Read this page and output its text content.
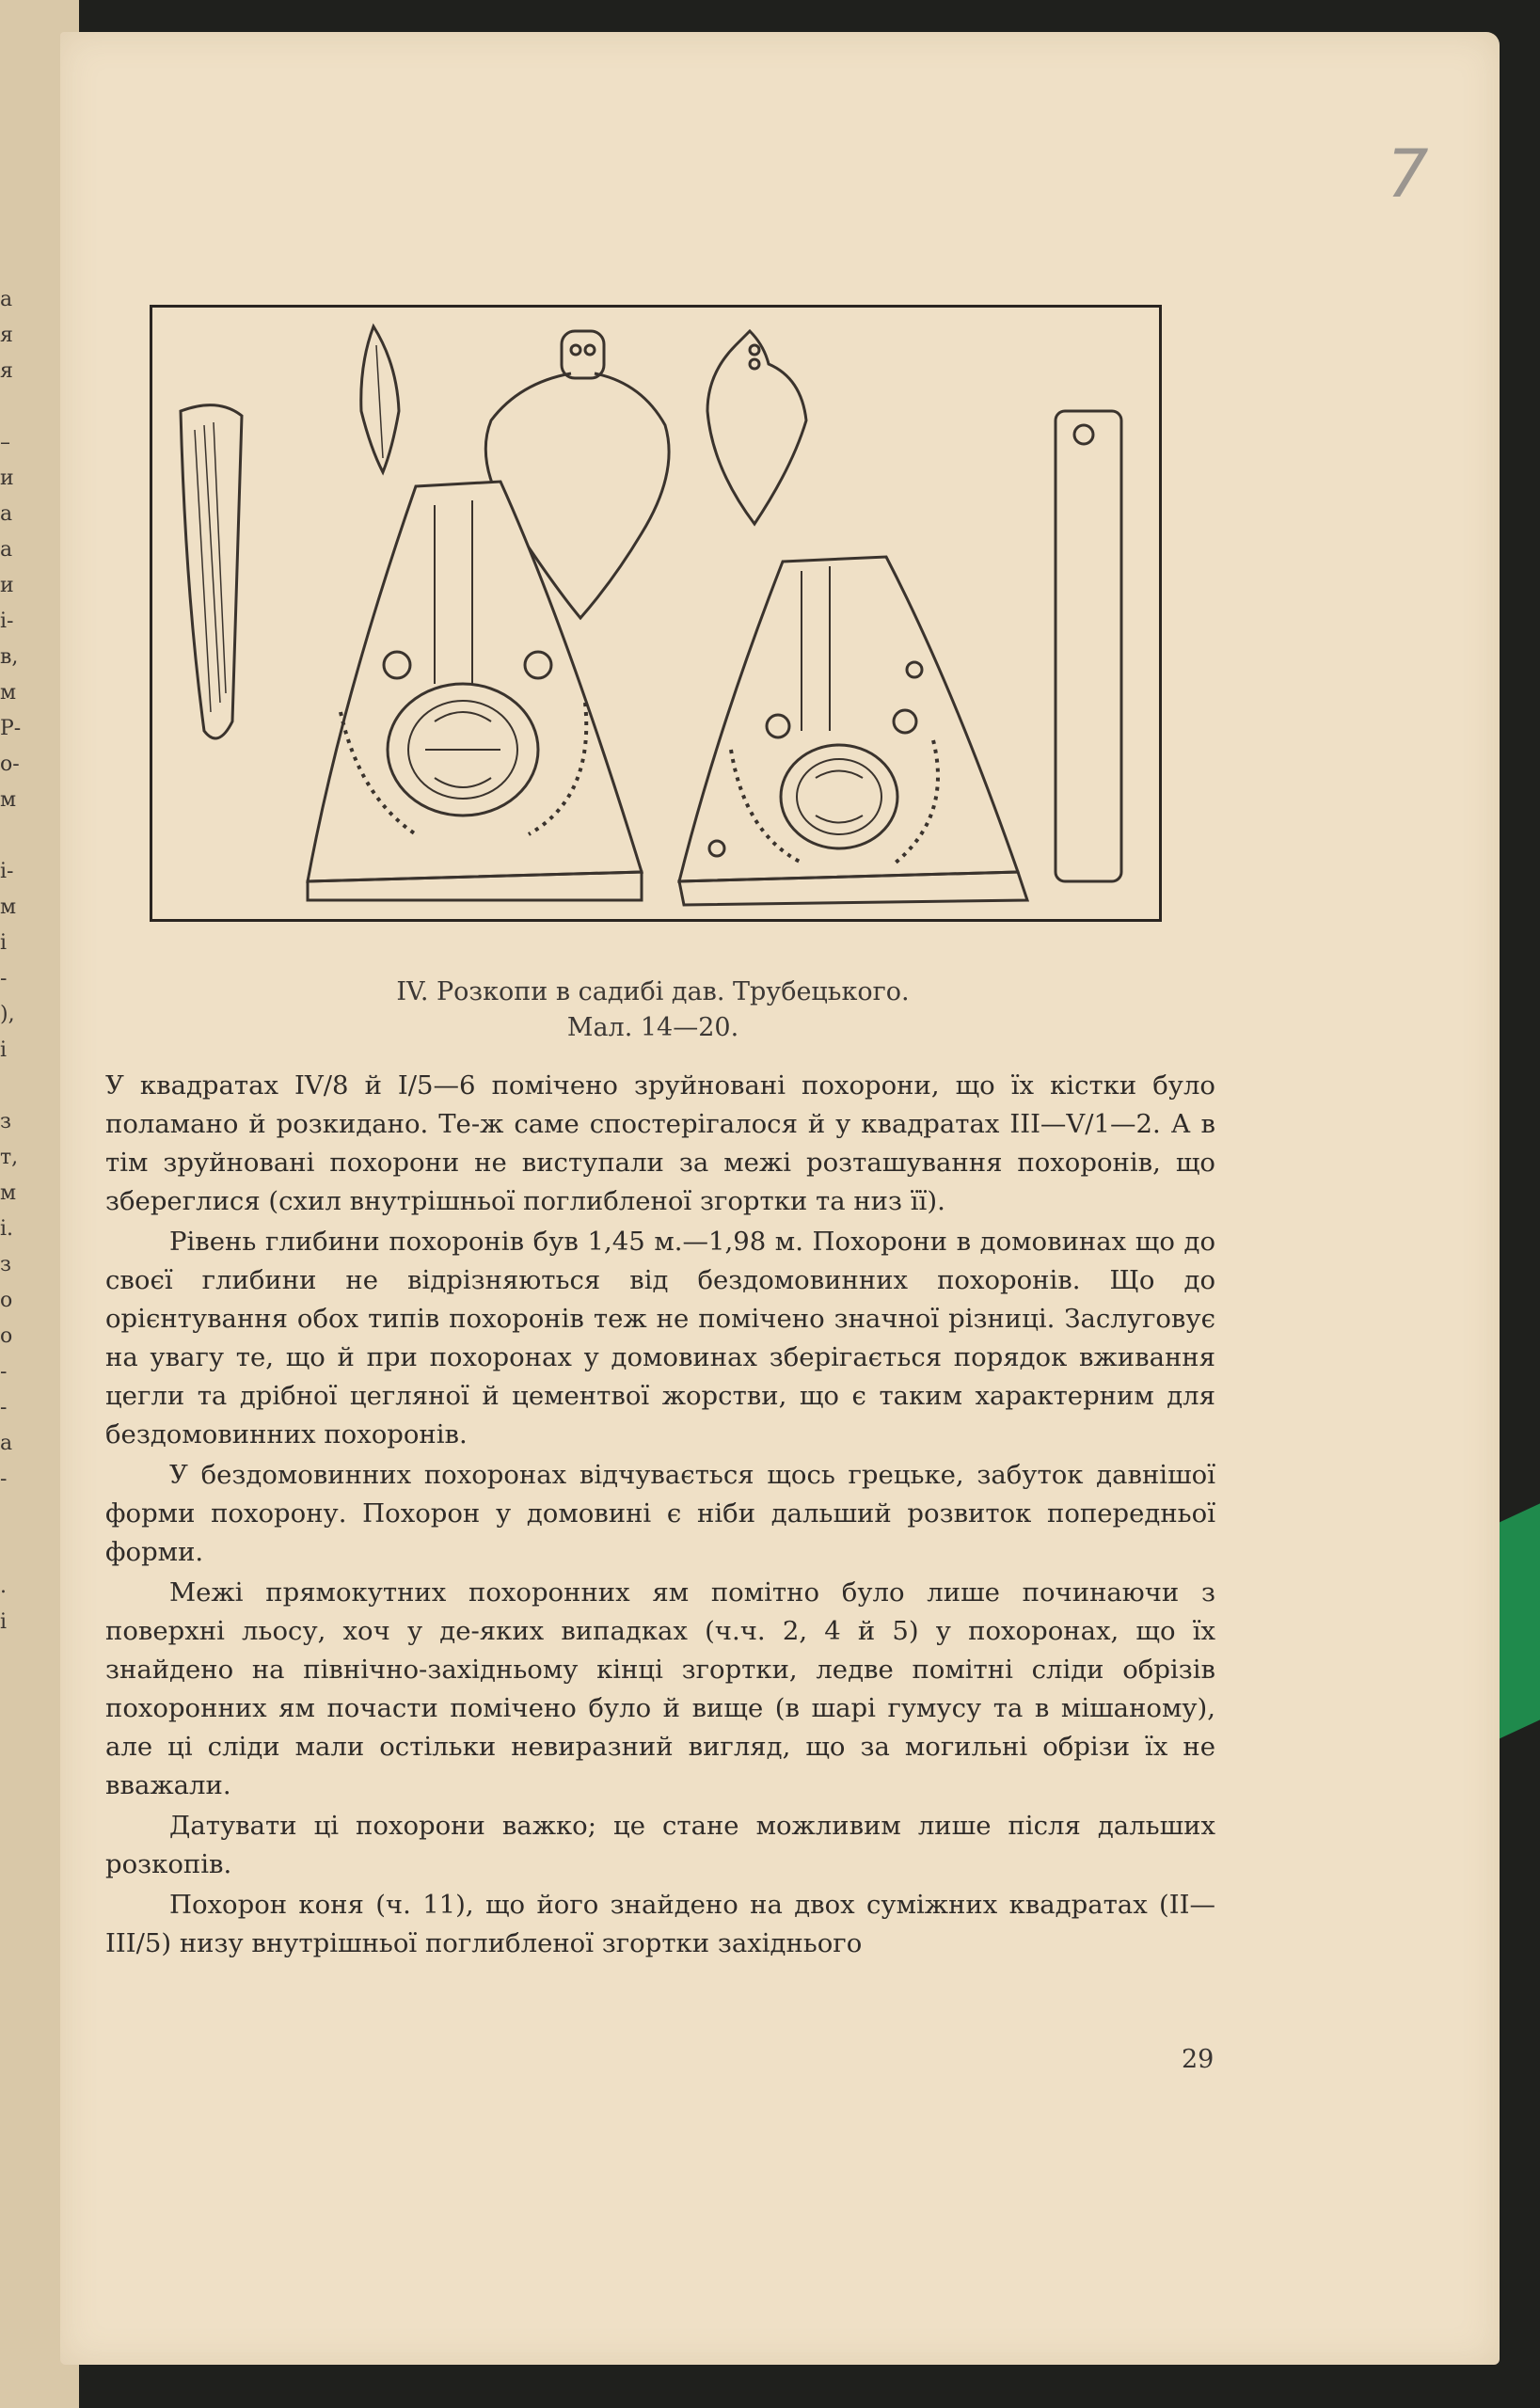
а
я
я

–
и
а
а
и
і-
в,
м
Р-
о-
м

і-
м
і
-
),
і

з
т,
м
і.
з
о
о
-
-
а
-

.
і
7
IV. Розкопи в садибі дав. Трубецького.
Мал. 14—20.

У квадратах IV/8 й I/5—6 помічено зруйновані похорони, що їх кістки було поламано й розкидано. Те-ж саме спостерігалося й у квадратах III—V/1—2. А в тім зруйновані похорони не виступали за межі розташування похоронів, що збереглися (схил внутрішньої поглибленої згортки та низ її).

Рівень глибини похоронів був 1,45 м.—1,98 м. Похорони в домовинах що до своєї глибини не відрізняються від бездомовинних похоронів. Що до орієнтування обох типів похоронів теж не помічено значної різниці. Заслуговує на увагу те, що й при похоронах у домовинах зберігається порядок вживання цегли та дрібної цегляної й цементвої жорстви, що є таким характерним для бездомовинних похоронів.

У бездомовинних похоронах відчувається щось грецьке, забуток давнішої форми похорону. Похорон у домовині є ніби дальший розвиток попередньої форми.

Межі прямокутних похоронних ям помітно було лише починаючи з поверхні льосу, хоч у де-яких випадках (ч.ч. 2, 4 й 5) у похоронах, що їх знайдено на північно-західньому кінці згортки, ледве помітні сліди обрізів похоронних ям почасти помічено було й вище (в шарі гумусу та в мішаному), але ці сліди мали остільки невиразний вигляд, що за могильні обрізи їх не вважали.

Датувати ці похорони важко; це стане можливим лише після дальших розкопів.

Похорон коня (ч. 11), що його знайдено на двох суміжних квадратах (II—III/5) низу внутрішньої поглибленої згортки західнього

29
